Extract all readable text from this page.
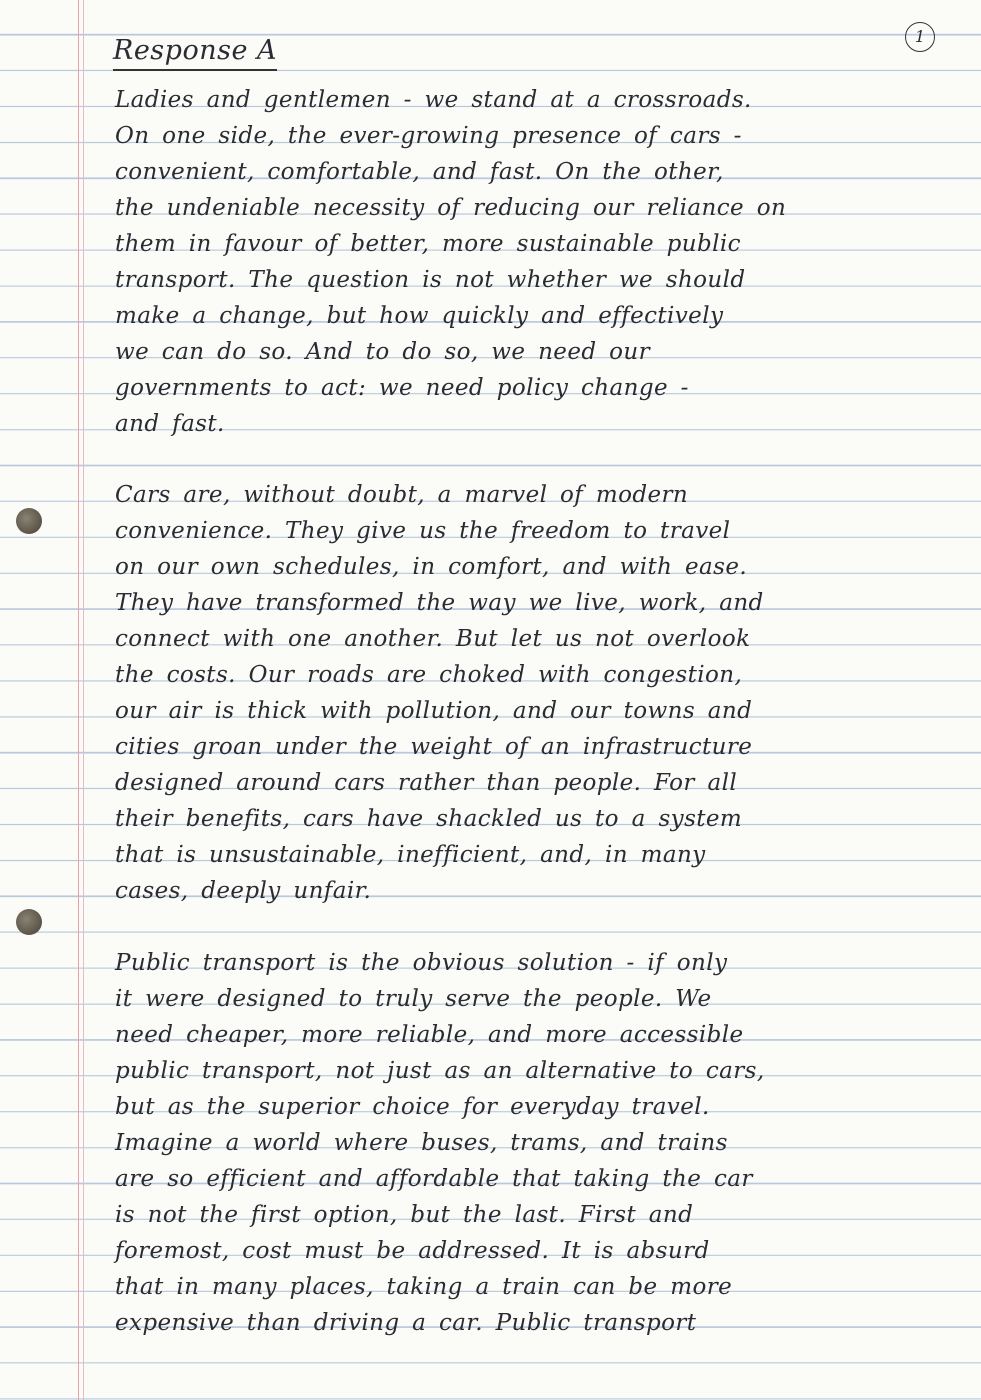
1
Response A
Ladies and gentlemen - we stand at a crossroads.
On one side, the ever-growing presence of cars -
convenient, comfortable, and fast. On the other,
the undeniable necessity of reducing our reliance on
them in favour of better, more sustainable public
transport. The question is not whether we should
make a change, but how quickly and effectively
we can do so. And to do so, we need our
governments to act: we need policy change -
and fast.
Cars are, without doubt, a marvel of modern
convenience. They give us the freedom to travel
on our own schedules, in comfort, and with ease.
They have transformed the way we live, work, and
connect with one another. But let us not overlook
the costs. Our roads are choked with congestion,
our air is thick with pollution, and our towns and
cities groan under the weight of an infrastructure
designed around cars rather than people. For all
their benefits, cars have shackled us to a system
that is unsustainable, inefficient, and, in many
cases, deeply unfair.
Public transport is the obvious solution - if only
it were designed to truly serve the people. We
need cheaper, more reliable, and more accessible
public transport, not just as an alternative to cars,
but as the superior choice for everyday travel.
Imagine a world where buses, trams, and trains
are so efficient and affordable that taking the car
is not the first option, but the last. First and
foremost, cost must be addressed. It is absurd
that in many places, taking a train can be more
expensive than driving a car. Public transport
